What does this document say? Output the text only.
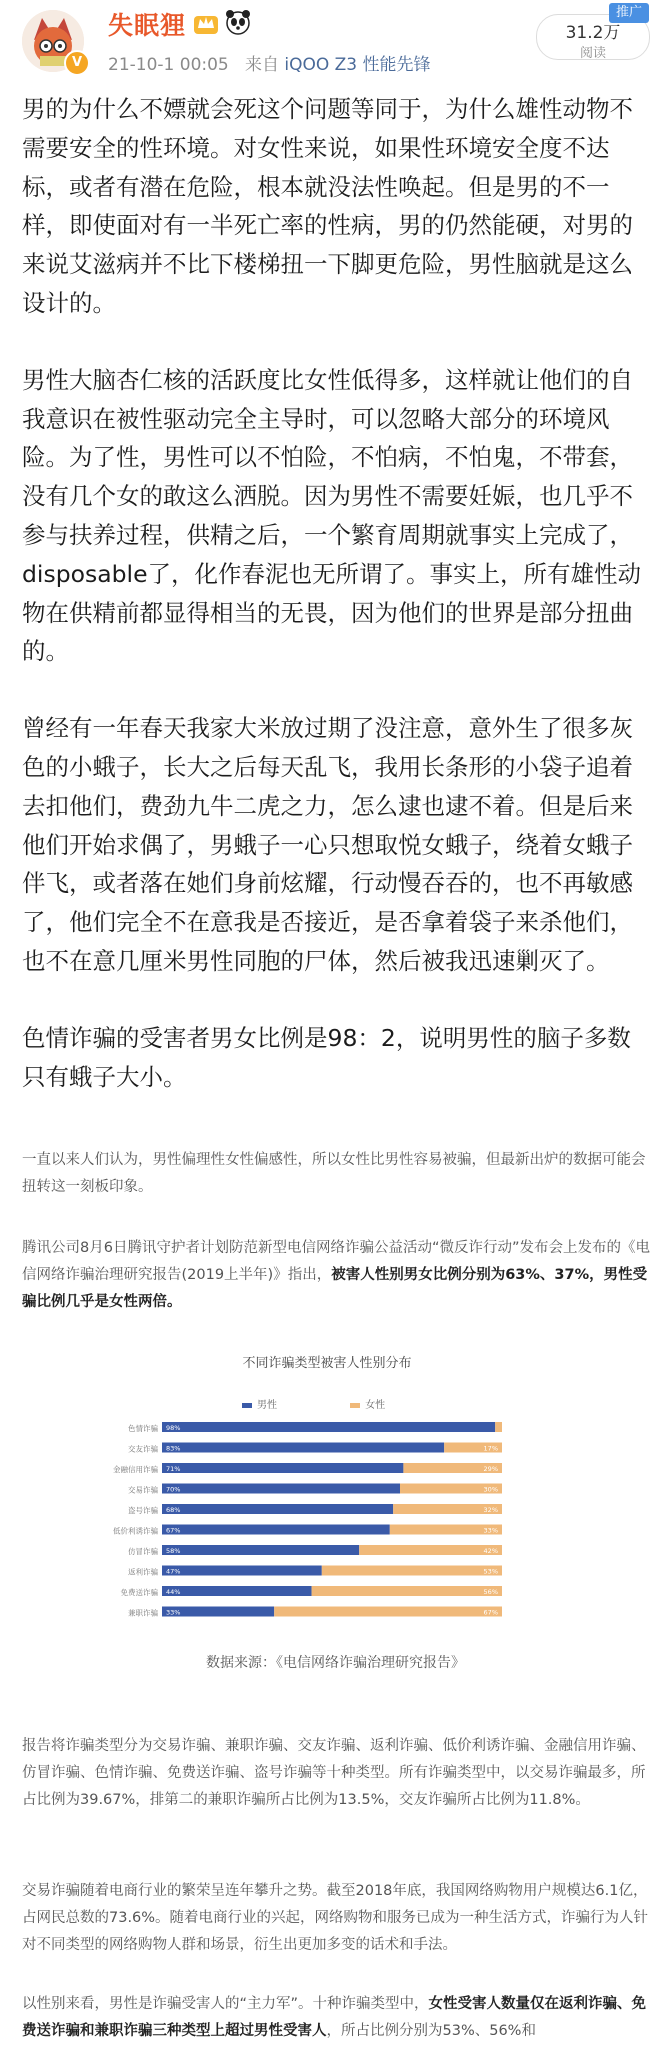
V
失眠狸
21-10-1 00:05 来自 iQOO Z3 性能先锋
31.2万
阅读
推广

男的为什么不嫖就会死这个问题等同于，为什么雄性动物不需要安全的性环境。对女性来说，如果性环境安全度不达标，或者有潜在危险，根本就没法性唤起。但是男的不一样，即使面对有一半死亡率的性病，男的仍然能硬，对男的来说艾滋病并不比下楼梯扭一下脚更危险，男性脑就是这么设计的。

男性大脑杏仁核的活跃度比女性低得多，这样就让他们的自我意识在被性驱动完全主导时，可以忽略大部分的环境风险。为了性，男性可以不怕险，不怕病，不怕鬼，不带套，没有几个女的敢这么洒脱。因为男性不需要妊娠，也几乎不参与扶养过程，供精之后，一个繁育周期就事实上完成了，disposable了，化作春泥也无所谓了。事实上，所有雄性动物在供精前都显得相当的无畏，因为他们的世界是部分扭曲的。

曾经有一年春天我家大米放过期了没注意，意外生了很多灰色的小蛾子，长大之后每天乱飞，我用长条形的小袋子追着去扣他们，费劲九牛二虎之力，怎么逮也逮不着。但是后来他们开始求偶了，男蛾子一心只想取悦女蛾子，绕着女蛾子伴飞，或者落在她们身前炫耀，行动慢吞吞的，也不再敏感了，他们完全不在意我是否接近，是否拿着袋子来杀他们，也不在意几厘米男性同胞的尸体，然后被我迅速剿灭了。

色情诈骗的受害者男女比例是98：2，说明男性的脑子多数只有蛾子大小。

一直以来人们认为，男性偏理性女性偏感性，所以女性比男性容易被骗，但最新出炉的数据可能会扭转这一刻板印象。
腾讯公司8月6日腾讯守护者计划防范新型电信网络诈骗公益活动“微反诈行动”发布会上发布的《电信网络诈骗治理研究报告(2019上半年)》指出，被害人性别男女比例分别为63%、37%，男性受骗比例几乎是女性两倍。
不同诈骗类型被害人性别分布
男性	女性
色情诈骗 98%
交友诈骗 83%	17%
金融信用诈骗 71%	29%
交易诈骗 70%	30%
盗号诈骗 68%	32%
低价利诱诈骗 67%	33%
仿冒诈骗 58%	42%
返利诈骗 47%	53%
免费送诈骗 44%	56%
兼职诈骗 33%	67%
数据来源：《电信网络诈骗治理研究报告》
报告将诈骗类型分为交易诈骗、兼职诈骗、交友诈骗、返利诈骗、低价利诱诈骗、金融信用诈骗、仿冒诈骗、色情诈骗、免费送诈骗、盗号诈骗等十种类型。所有诈骗类型中，以交易诈骗最多，所占比例为39.67%，排第二的兼职诈骗所占比例为13.5%，交友诈骗所占比例为11.8%。
交易诈骗随着电商行业的繁荣呈连年攀升之势。截至2018年底，我国网络购物用户规模达6.1亿，占网民总数的73.6%。随着电商行业的兴起，网络购物和服务已成为一种生活方式，诈骗行为人针对不同类型的网络购物人群和场景，衍生出更加多变的话术和手法。
以性别来看，男性是诈骗受害人的“主力军”。十种诈骗类型中，女性受害人数量仅在返利诈骗、免费送诈骗和兼职诈骗三种类型上超过男性受害人，所占比例分别为53%、56%和
